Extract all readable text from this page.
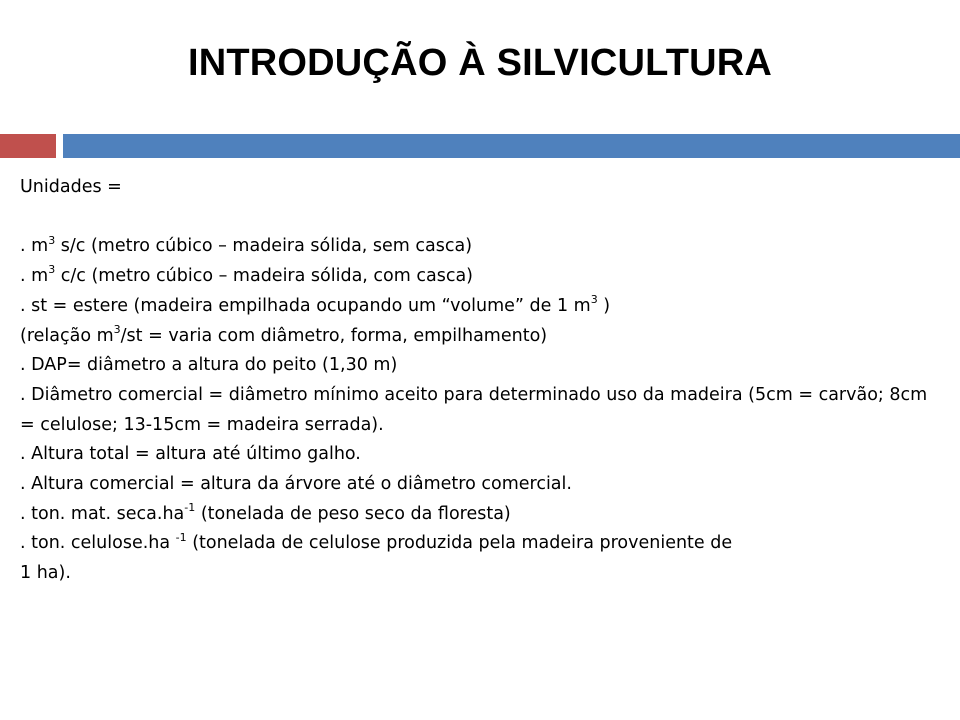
INTRODUÇÃO À SILVICULTURA

Unidades =

. $m^3$ s/c (metro cúbico – madeira sólida, sem casca)

. $m^3$ c/c (metro cúbico – madeira sólida, com casca)

. st = estere (madeira empilhada ocupando um “volume” de 1 $m^3$ )

(relação $m^3/st$ = varia com diâmetro, forma, empilhamento)

. DAP= diâmetro a altura do peito (1,30 m)

. Diâmetro comercial = diâmetro mínimo aceito para determinado uso da madeira (5cm = carvão; 8cm = celulose; 13-15cm = madeira serrada).

. Altura total = altura até último galho.

. Altura comercial = altura da árvore até o diâmetro comercial.

. ton. mat. $\sec a.ha^{-1}$ (tonelada de peso seco da floresta)

. ton. celulose.ha $^{-1}$ (tonelada de celulose produzida pela madeira proveniente de

1 ha).
